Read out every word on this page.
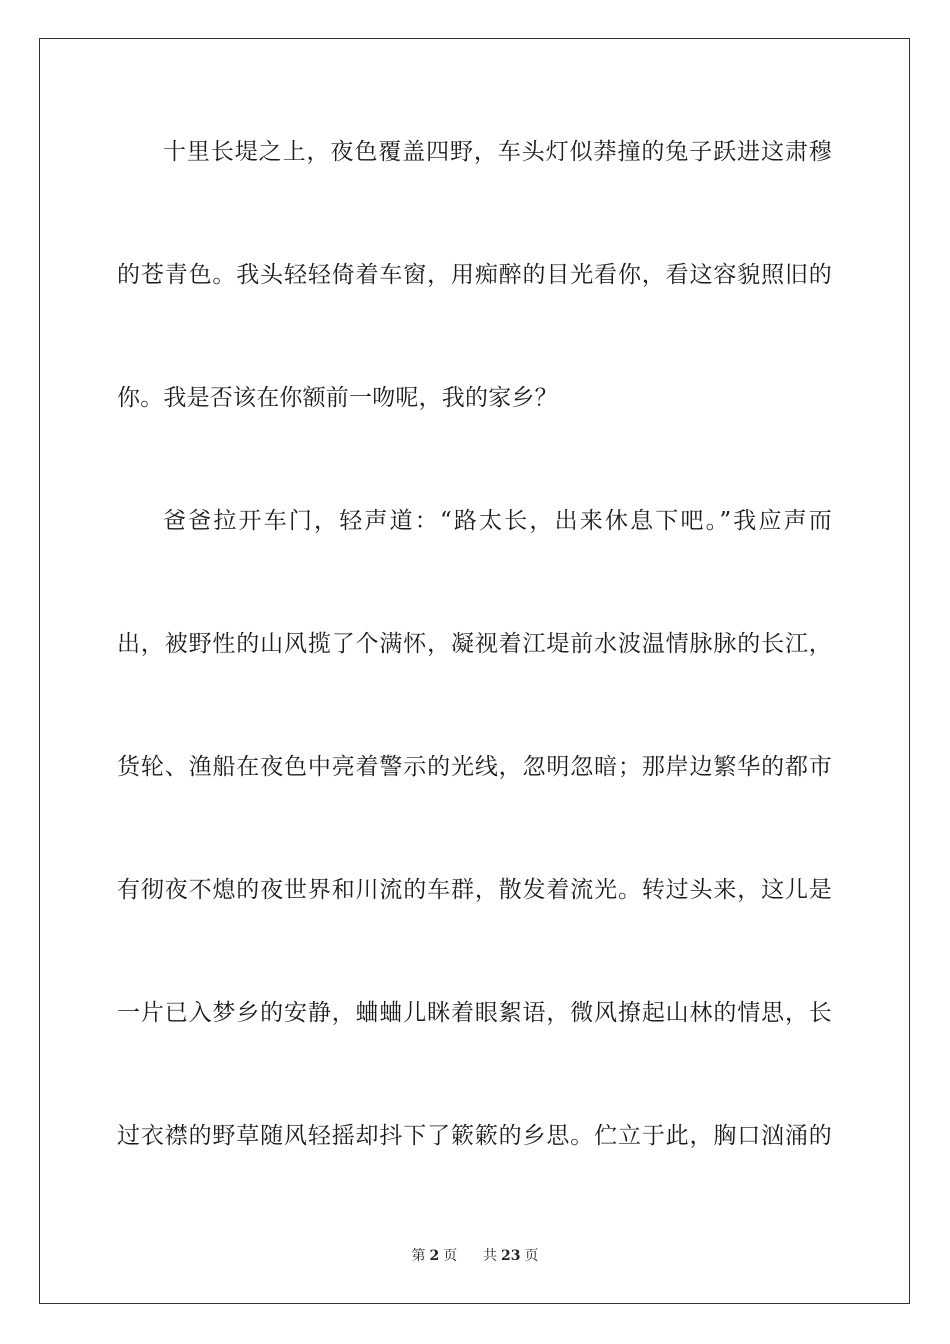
十里长堤之上，夜色覆盖四野，车头灯似莽撞的兔子跃进这肃穆
的苍青色。我头轻轻倚着车窗，用痴醉的目光看你，看这容貌照旧的
你。我是否该在你额前一吻呢，我的家乡？
爸爸拉开车门，轻声道：“路太长，出来休息下吧。”我应声而
出，被野性的山风揽了个满怀，凝视着江堤前水波温情脉脉的长江，
货轮、渔船在夜色中亮着警示的光线，忽明忽暗；那岸边繁华的都市
有彻夜不熄的夜世界和川流的车群，散发着流光。转过头来，这儿是
一片已入梦乡的安静，蛐蛐儿眯着眼絮语，微风撩起山林的情思，长
过衣襟的野草随风轻摇却抖下了簌簌的乡思。伫立于此，胸口汹涌的
第 2 页 共 23 页
